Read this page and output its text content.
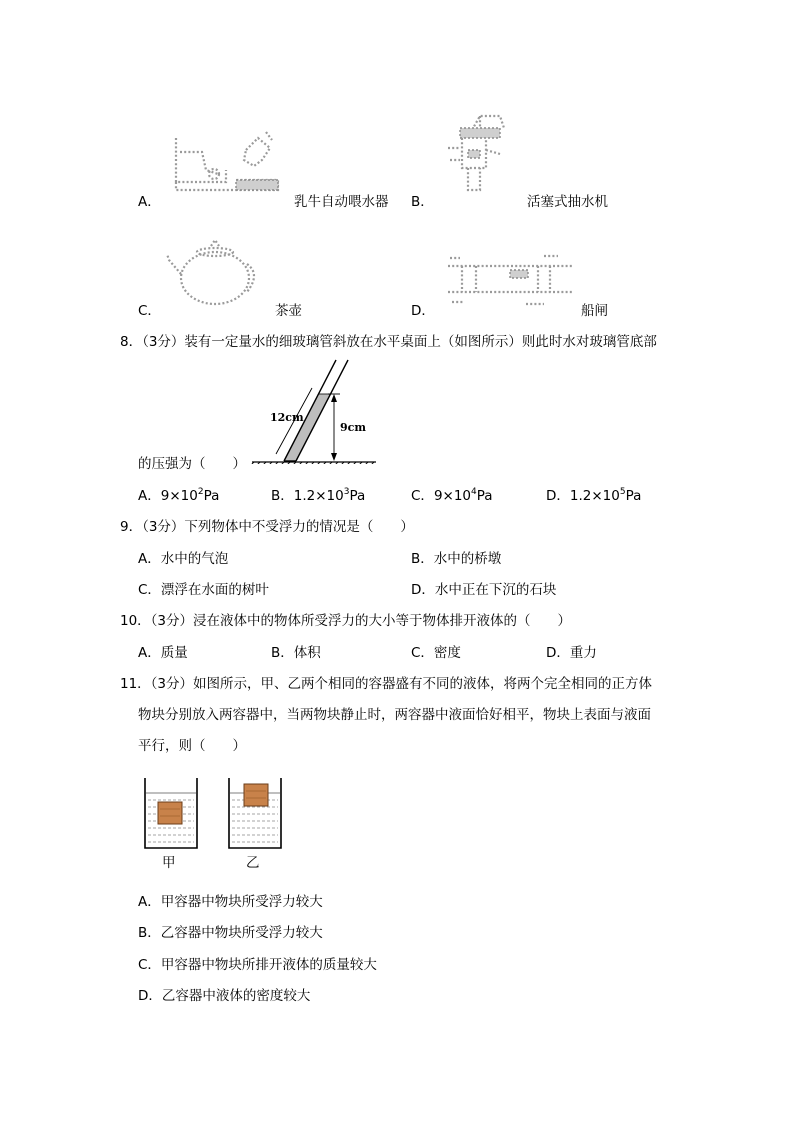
A．	乳牛自动喂水器 B．	活塞式抽水机
C．	茶壶	D．	船闸
8．（3分）装有一定量水的细玻璃管斜放在水平桌面上（如图所示）则此时水对玻璃管底部
12cm
9cm
的压强为（　　）
A．$9\times 10^2Pa$	B．$1.2\times 10^3Pa$	C．$9\times 10^4Pa$	D．$1.2\times 10^5Pa$
9．（3分）下列物体中不受浮力的情况是（　　）
A．水中的气泡	B．水中的桥墩
C．漂浮在水面的树叶	D．水中正在下沉的石块
10．（3分）浸在液体中的物体所受浮力的大小等于物体排开液体的（　　）
A．质量	B．体积	C．密度	D．重力
11．（3分）如图所示，甲、乙两个相同的容器盛有不同的液体，将两个完全相同的正方体
物块分别放入两容器中，当两物块静止时，两容器中液面恰好相平，物块上表面与液面
平行，则（　　）
甲	乙
A．甲容器中物块所受浮力较大
B．乙容器中物块所受浮力较大
C．甲容器中物块所排开液体的质量较大
D．乙容器中液体的密度较大
